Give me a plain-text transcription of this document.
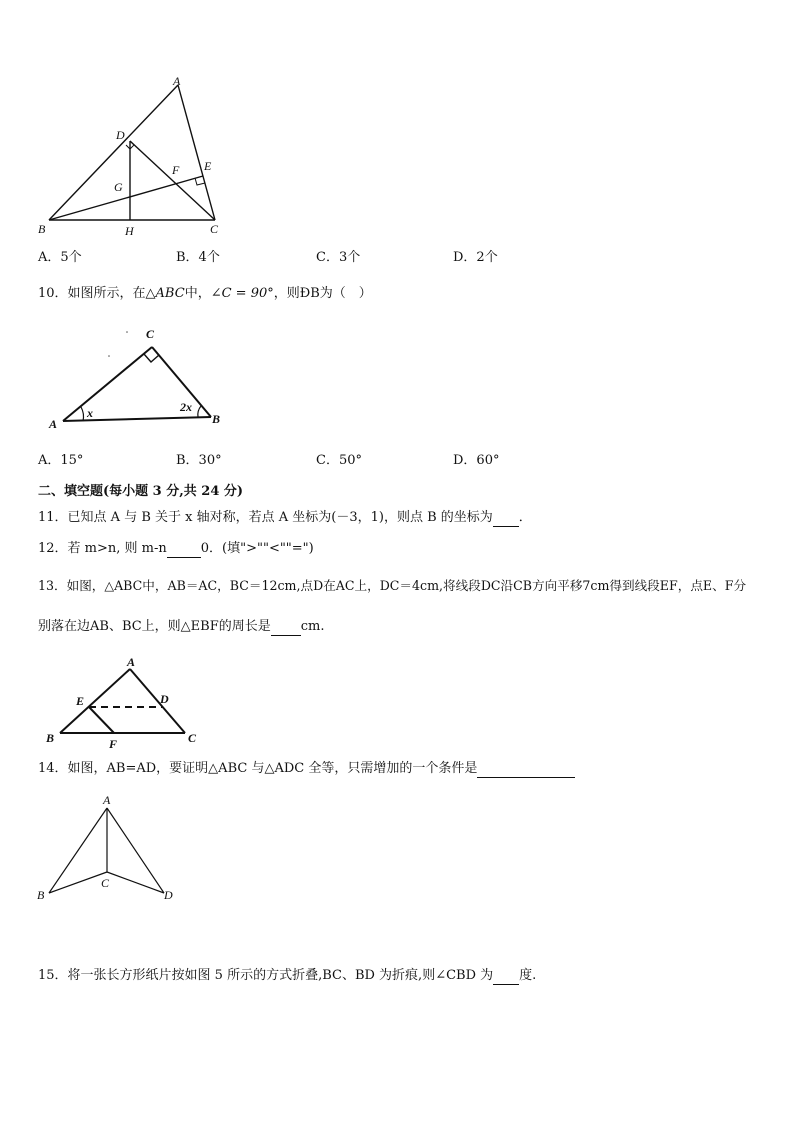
A
D
E
F
G
B	H	C
A．5个	B．4个	C．3个	D．2个
10．如图所示，在△ABC中，∠C = 90°，则ÐB为（　）
C
A	B
x	2x
A．15°	B．30°	C．50°	D．60°
二、填空题(每小题 3 分,共 24 分)
11．已知点 A 与 B 关于 x 轴对称，若点 A 坐标为(－3，1)，则点 B 的坐标为 ．
12．若 m>n, 则 m-n	0．(填">""<""=")
13．如图，△ABC中，AB＝AC，BC＝12cm,点D在AC上，DC＝4cm,将线段DC沿CB方向平移7cm得到线段EF，点E、F分
别落在边AB、BC上，则△EBF的周长是 cm.
A
E	D
B	F	C
14．如图，AB=AD，要证明△ABC 与△ADC 全等，只需增加的一个条件是
A
C
B	D
15．将一张长方形纸片按如图 5 所示的方式折叠,BC、BD 为折痕,则∠CBD 为 度.
